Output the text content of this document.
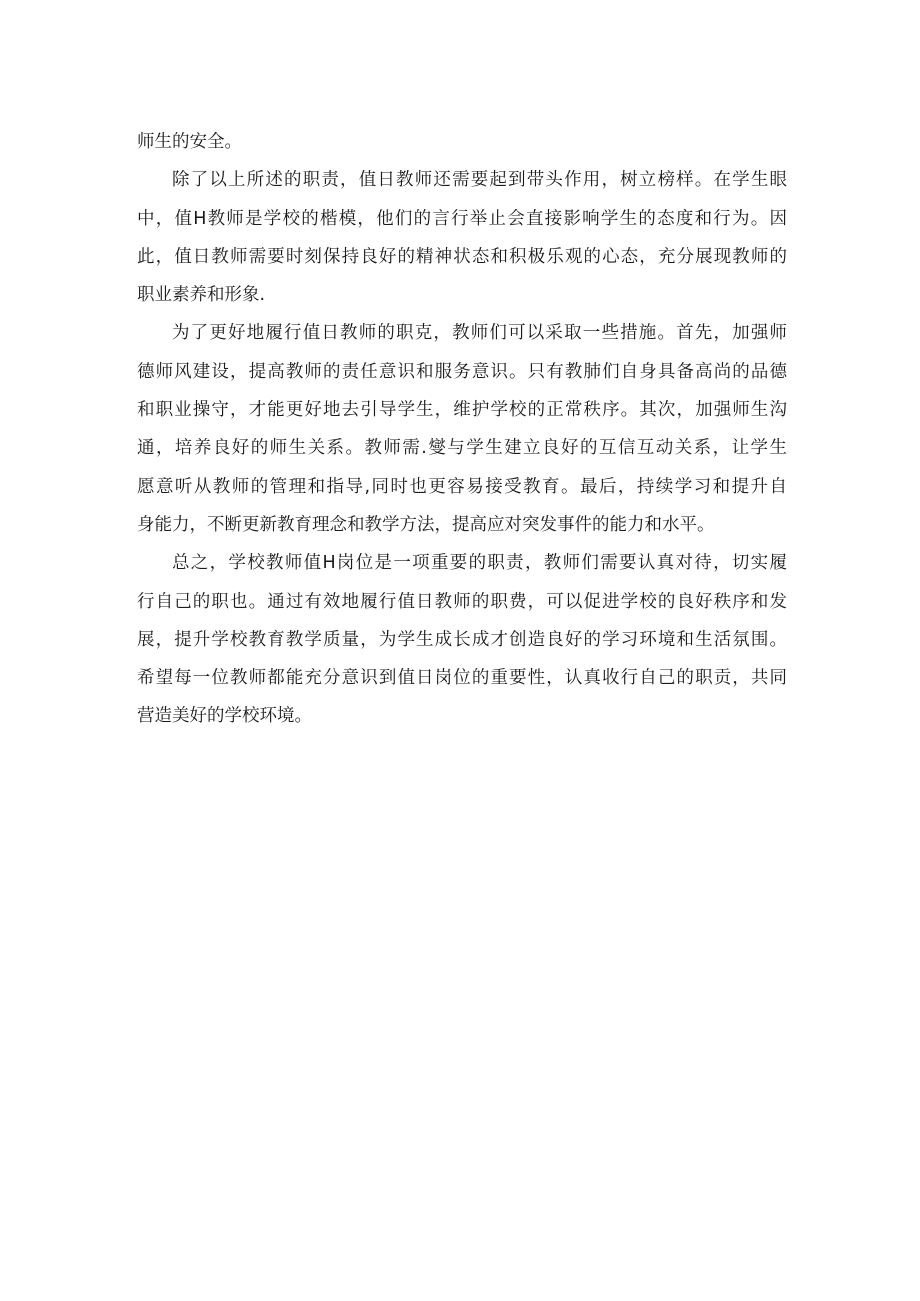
师生的安全。
除了以上所述的职责，值日教师还需要起到带头作用，树立榜样。在学生眼
中，值H教师是学校的楷模，他们的言行举止会直接影响学生的态度和行为。因
此，值日教师需要时刻保持良好的精神状态和积极乐观的心态，充分展现教师的
职业素养和形象.
为了更好地履行值日教师的职克，教师们可以采取一些措施。首先，加强师
德师风建设，提高教师的责任意识和服务意识。只有教肺们自身具备高尚的品德
和职业操守，才能更好地去引导学生，维护学校的正常秩序。其次，加强师生沟
通，培养良好的师生关系。教师需.燮与学生建立良好的互信互动关系，让学生
愿意听从教师的管理和指导,同时也更容易接受教育。最后，持续学习和提升自
身能力，不断更新教育理念和教学方法，提高应对突发事件的能力和水平。
总之，学校教师值H岗位是一项重要的职责，教师们需要认真对待，切实履
行自己的职也。通过有效地履行值日教师的职费，可以促进学校的良好秩序和发
展，提升学校教育教学质量，为学生成长成才创造良好的学习环境和生活氛围。
希望每一位教师都能充分意识到值日岗位的重要性，认真收行自己的职贡，共同
营造美好的学校环境。
